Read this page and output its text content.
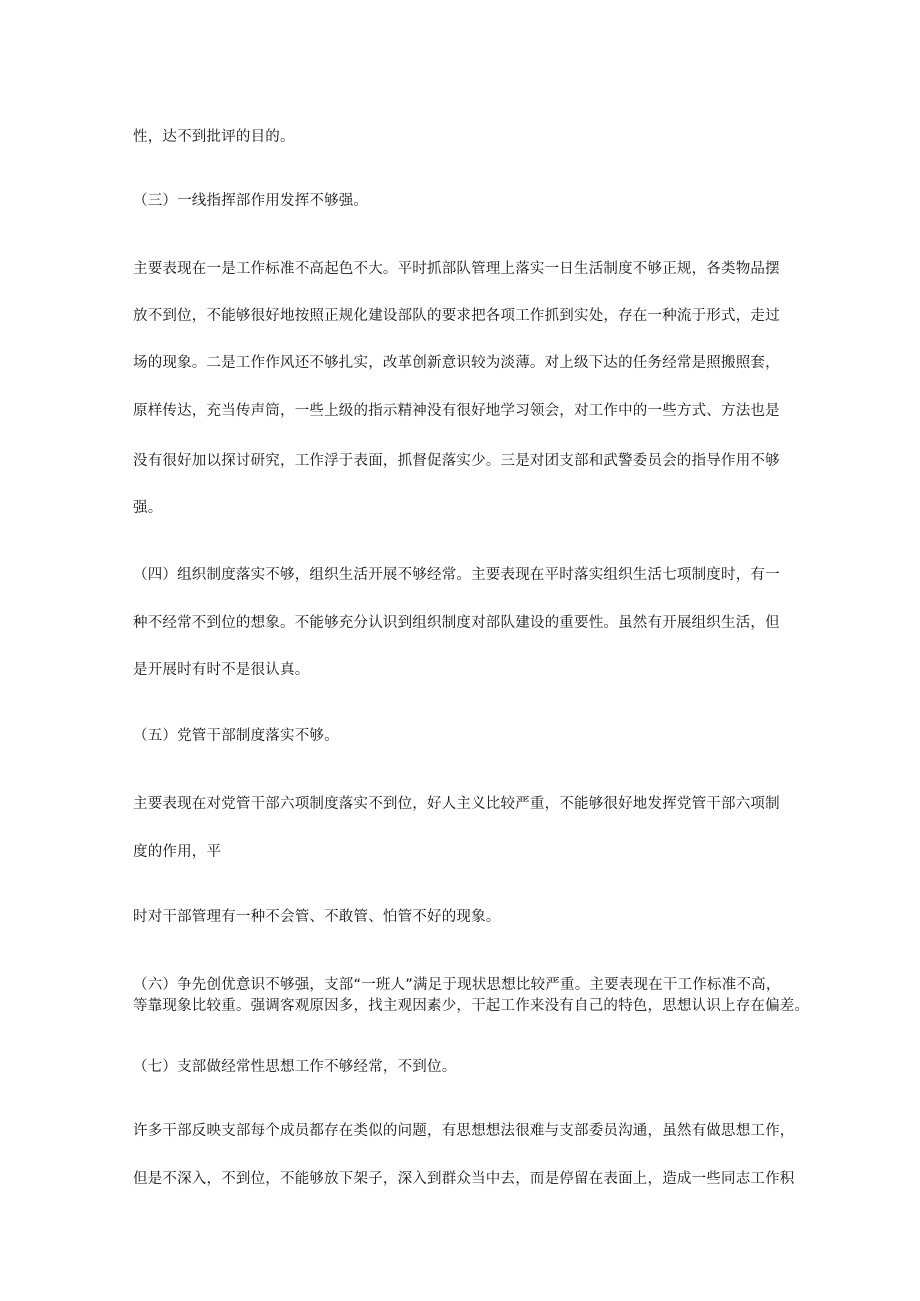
性，达不到批评的目的。
（三）一线指挥部作用发挥不够强。
主要表现在一是工作标准不高起色不大。平时抓部队管理上落实一日生活制度不够正规，各类物品摆
放不到位，不能够很好地按照正规化建设部队的要求把各项工作抓到实处，存在一种流于形式，走过
场的现象。二是工作作风还不够扎实，改革创新意识较为淡薄。对上级下达的任务经常是照搬照套，
原样传达，充当传声筒，一些上级的指示精神没有很好地学习领会，对工作中的一些方式、方法也是
没有很好加以探讨研究，工作浮于表面，抓督促落实少。三是对团支部和武警委员会的指导作用不够
强。
（四）组织制度落实不够，组织生活开展不够经常。主要表现在平时落实组织生活七项制度时，有一
种不经常不到位的想象。不能够充分认识到组织制度对部队建设的重要性。虽然有开展组织生活，但
是开展时有时不是很认真。
（五）党管干部制度落实不够。
主要表现在对党管干部六项制度落实不到位，好人主义比较严重，不能够很好地发挥党管干部六项制
度的作用，平
时对干部管理有一种不会管、不敢管、怕管不好的现象。
（六）争先创优意识不够强，支部“一班人”满足于现状思想比较严重。主要表现在干工作标准不高，
等靠现象比较重。强调客观原因多，找主观因素少，干起工作来没有自己的特色，思想认识上存在偏差。
（七）支部做经常性思想工作不够经常，不到位。
许多干部反映支部每个成员都存在类似的问题，有思想想法很难与支部委员沟通，虽然有做思想工作，
但是不深入，不到位，不能够放下架子，深入到群众当中去，而是停留在表面上，造成一些同志工作积
